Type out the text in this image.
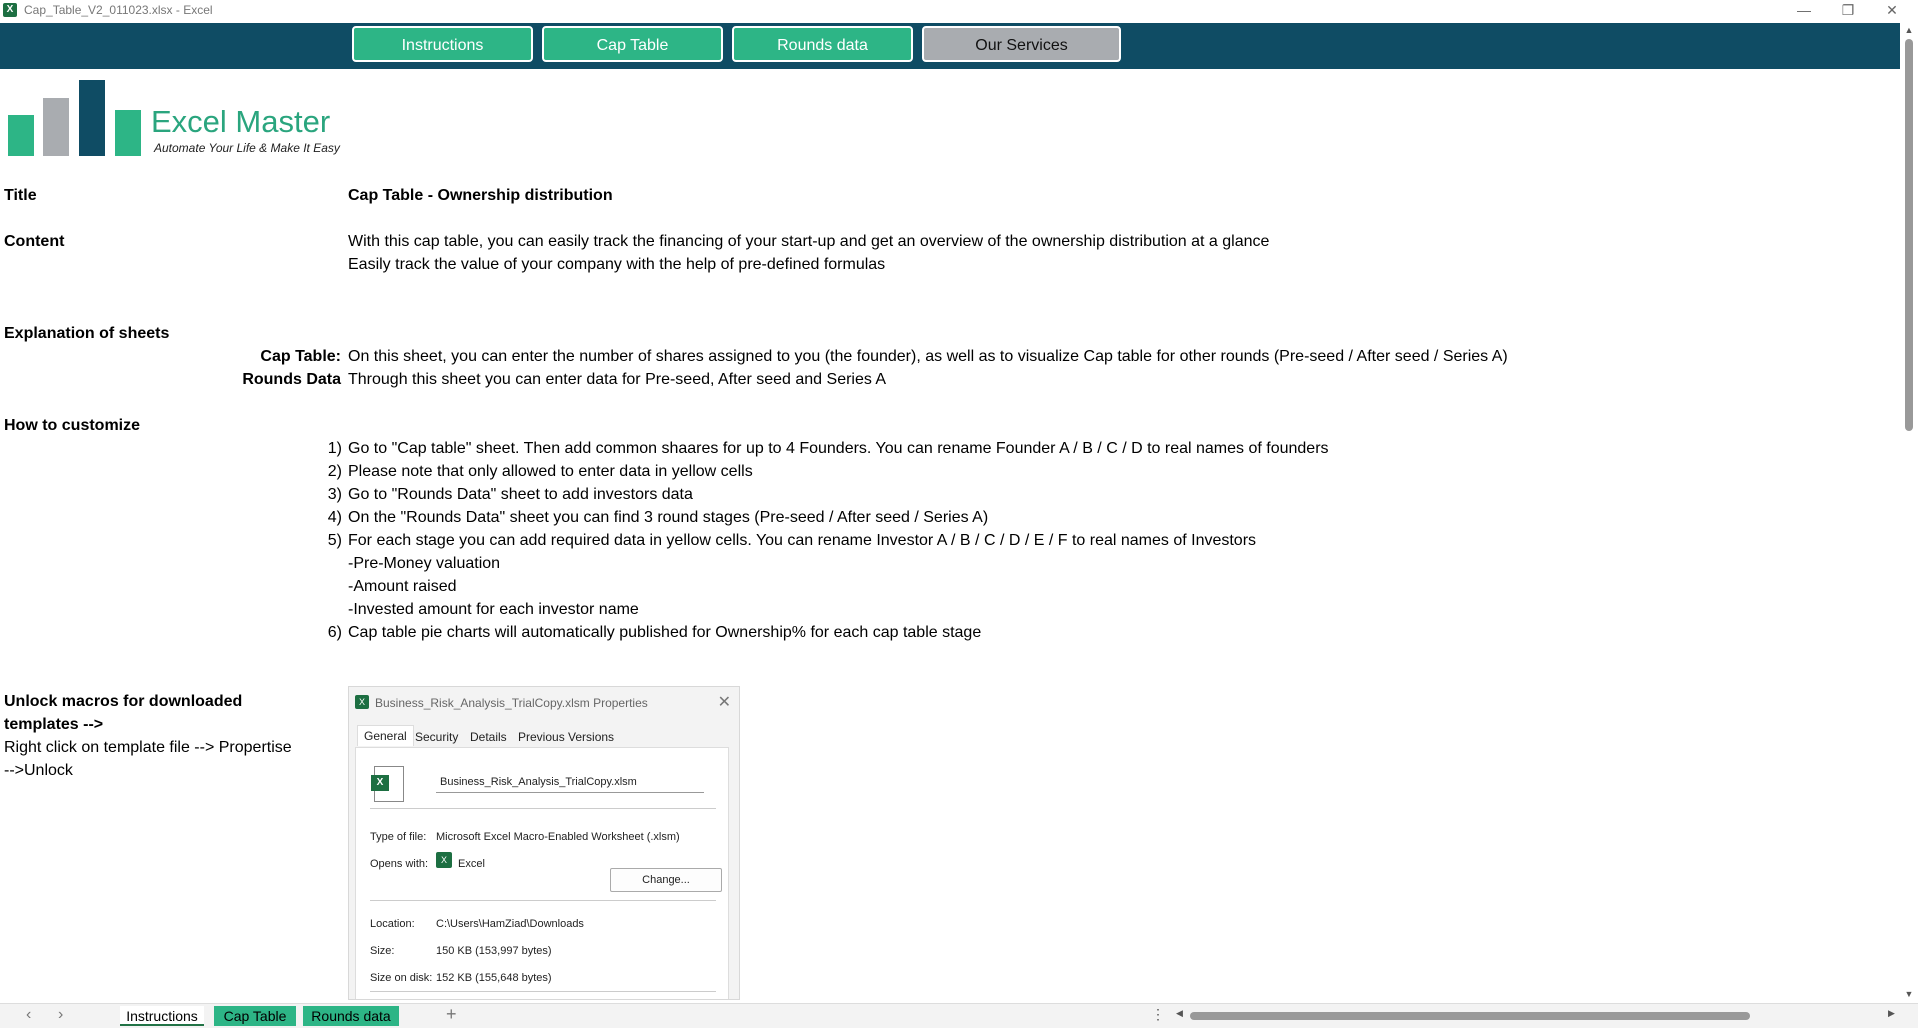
X Cap_Table_V2_011023.xlsx - Excel	—	❐	✕
Instructions	Cap Table	Rounds data	Our Services
Excel Master
Automate Your Life & Make It Easy
Title	Cap Table - Ownership distribution
Content	With this cap table, you can easily track the financing of your start-up and get an overview of the ownership distribution at a glance
Easily track the value of your company with the help of pre-defined formulas
Explanation of sheets
Cap Table: On this sheet, you can enter the number of shares assigned to you (the founder), as well as to visualize Cap table for other rounds (Pre-seed / After seed / Series A)
Rounds Data Through this sheet you can enter data for Pre-seed, After seed and Series A
How to customize
1) Go to "Cap table" sheet. Then add common shaares for up to 4 Founders. You can rename Founder A / B / C / D to real names of founders
2) Please note that only allowed to enter data in yellow cells
3) Go to "Rounds Data" sheet to add investors data
4) On the "Rounds Data" sheet you can find 3 round stages (Pre-seed / After seed / Series A)
5) For each stage you can add required data in yellow cells. You can rename Investor A / B / C / D / E / F to real names of Investors
-Pre-Money valuation
-Amount raised
-Invested amount for each investor name
6) Cap table pie charts will automatically published for Ownership% for each cap table stage
Unlock macros for downloaded
templates -->
Right click on template file --> Propertise
-->Unlock
X Business_Risk_Analysis_TrialCopy.xlsm Properties	✕
General Security Details Previous Versions
X	Business_Risk_Analysis_TrialCopy.xlsm
Type of file: Microsoft Excel Macro-Enabled Worksheet (.xlsm)
Opens with:	X	Excel
Change...
Location: C:\Users\HamZiad\Downloads
Size:	150 KB (153,997 bytes)
Size on disk: 152 KB (155,648 bytes)
▲
▼
‹ ›	Instructions	Cap Table	Rounds data	+	⋮ ◀	▶
